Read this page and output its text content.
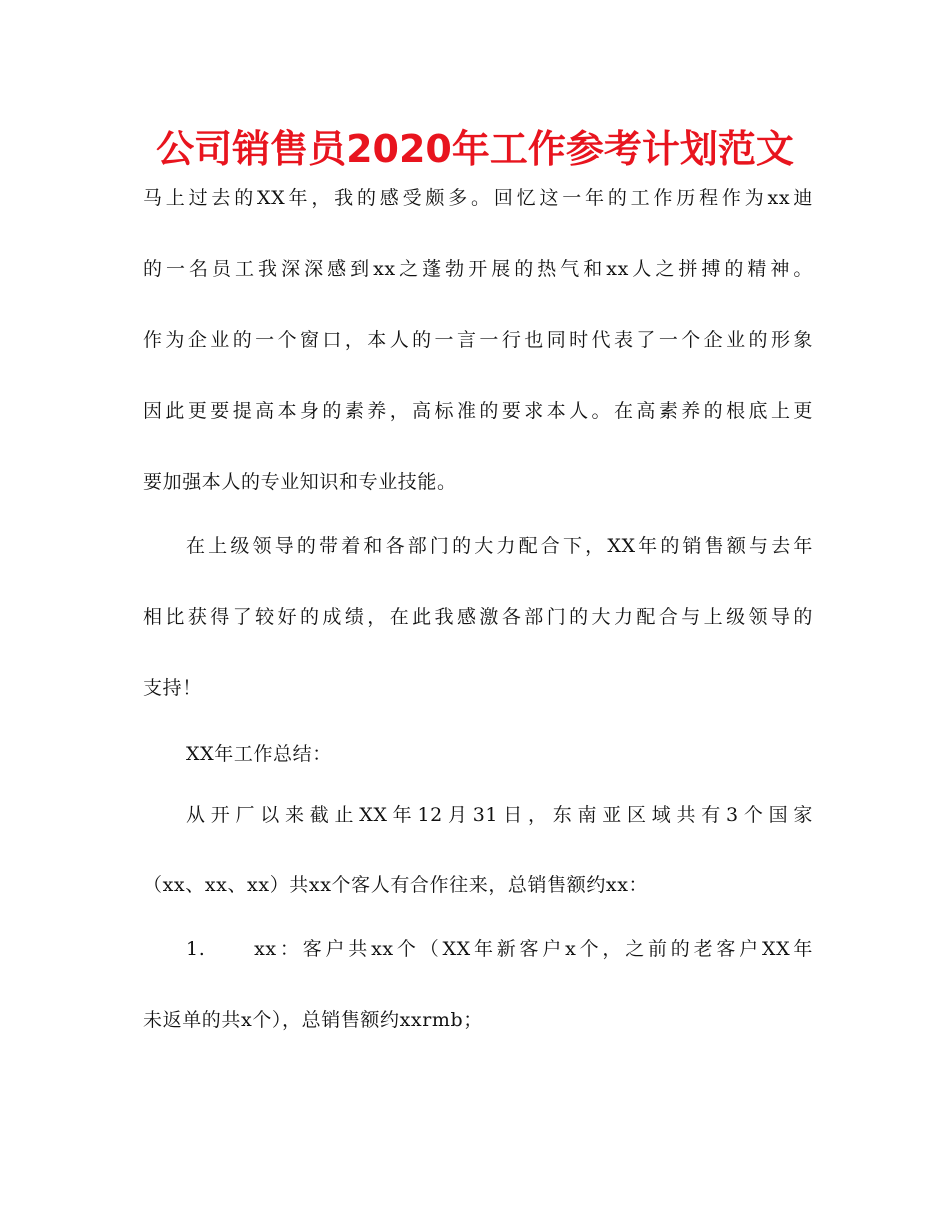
公司销售员2020年工作参考计划范文
马上过去的XX年，我的感受颇多。回忆这一年的工作历程作为xx迪
的一名员工我深深感到xx之蓬勃开展的热气和xx人之拼搏的精神。
作为企业的一个窗口，本人的一言一行也同时代表了一个企业的形象
因此更要提高本身的素养，高标准的要求本人。在高素养的根底上更
要加强本人的专业知识和专业技能。
在上级领导的带着和各部门的大力配合下，XX年的销售额与去年
相比获得了较好的成绩，在此我感激各部门的大力配合与上级领导的
支持！
XX年工作总结：
从开厂以来截止XX年12月31日，东南亚区域共有3个国家
（xx、xx、xx）共xx个客人有合作往来，总销售额约xx：
1.　　xx：客户共xx个（XX年新客户x个，之前的老客户XX年
未返单的共x个），总销售额约xxrmb；
